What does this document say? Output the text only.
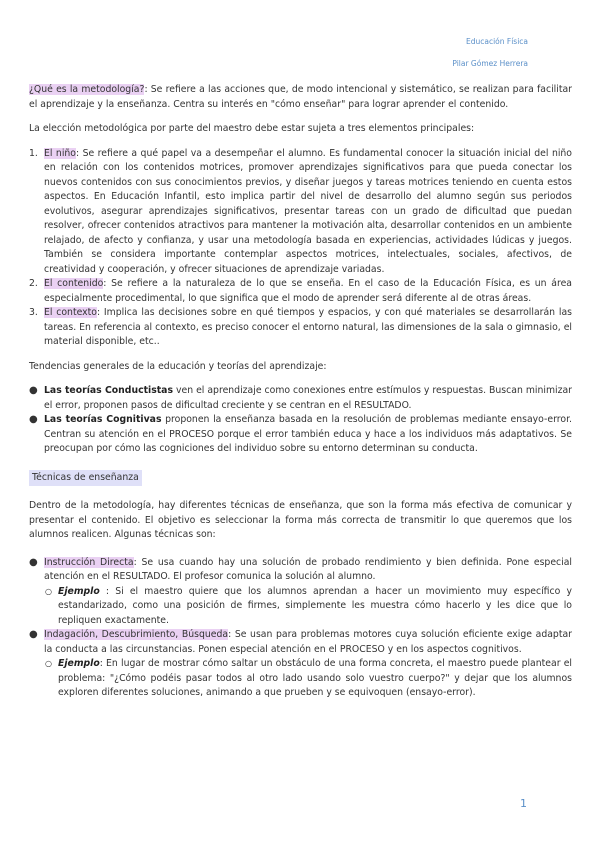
Educación Física
Pilar Gómez Herrera

¿Qué es la metodología?: Se refiere a las acciones que, de modo intencional y sistemático, se realizan para facilitar el aprendizaje y la enseñanza. Centra su interés en "cómo enseñar" para lograr aprender el contenido.

La elección metodológica por parte del maestro debe estar sujeta a tres elementos principales:

1. El niño: Se refiere a qué papel va a desempeñar el alumno. Es fundamental conocer la situación inicial del niño en relación con los contenidos motrices, promover aprendizajes significativos para que pueda conectar los nuevos contenidos con sus conocimientos previos, y diseñar juegos y tareas motrices teniendo en cuenta estos aspectos. En Educación Infantil, esto implica partir del nivel de desarrollo del alumno según sus periodos evolutivos, asegurar aprendizajes significativos, presentar tareas con un grado de dificultad que puedan resolver, ofrecer contenidos atractivos para mantener la motivación alta, desarrollar contenidos en un ambiente relajado, de afecto y confianza, y usar una metodología basada en experiencias, actividades lúdicas y juegos. También se considera importante contemplar aspectos motrices, intelectuales, sociales, afectivos, de creatividad y cooperación, y ofrecer situaciones de aprendizaje variadas.
2. El contenido: Se refiere a la naturaleza de lo que se enseña. En el caso de la Educación Física, es un área especialmente procedimental, lo que significa que el modo de aprender será diferente al de otras áreas.
3. El contexto: Implica las decisiones sobre en qué tiempos y espacios, y con qué materiales se desarrollarán las tareas. En referencia al contexto, es preciso conocer el entorno natural, las dimensiones de la sala o gimnasio, el material disponible, etc..

Tendencias generales de la educación y teorías del aprendizaje:

● Las teorías Conductistas ven el aprendizaje como conexiones entre estímulos y respuestas. Buscan minimizar el error, proponen pasos de dificultad creciente y se centran en el RESULTADO.
● Las teorías Cognitivas proponen la enseñanza basada en la resolución de problemas mediante ensayo-error. Centran su atención en el PROCESO porque el error también educa y hace a los individuos más adaptativos. Se preocupan por cómo las cogniciones del individuo sobre su entorno determinan su conducta.

Técnicas de enseñanza

Dentro de la metodología, hay diferentes técnicas de enseñanza, que son la forma más efectiva de comunicar y presentar el contenido. El objetivo es seleccionar la forma más correcta de transmitir lo que queremos que los alumnos realicen. Algunas técnicas son:

● Instrucción Directa: Se usa cuando hay una solución de probado rendimiento y bien definida. Pone especial atención en el RESULTADO. El profesor comunica la solución al alumno.
○ Ejemplo : Si el maestro quiere que los alumnos aprendan a hacer un movimiento muy específico y estandarizado, como una posición de firmes, simplemente les muestra cómo hacerlo y les dice que lo repliquen exactamente.
● Indagación, Descubrimiento, Búsqueda: Se usan para problemas motores cuya solución eficiente exige adaptar la conducta a las circunstancias. Ponen especial atención en el PROCESO y en los aspectos cognitivos.
○ Ejemplo: En lugar de mostrar cómo saltar un obstáculo de una forma concreta, el maestro puede plantear el problema: "¿Cómo podéis pasar todos al otro lado usando solo vuestro cuerpo?" y dejar que los alumnos exploren diferentes soluciones, animando a que prueben y se equivoquen (ensayo-error).
1
